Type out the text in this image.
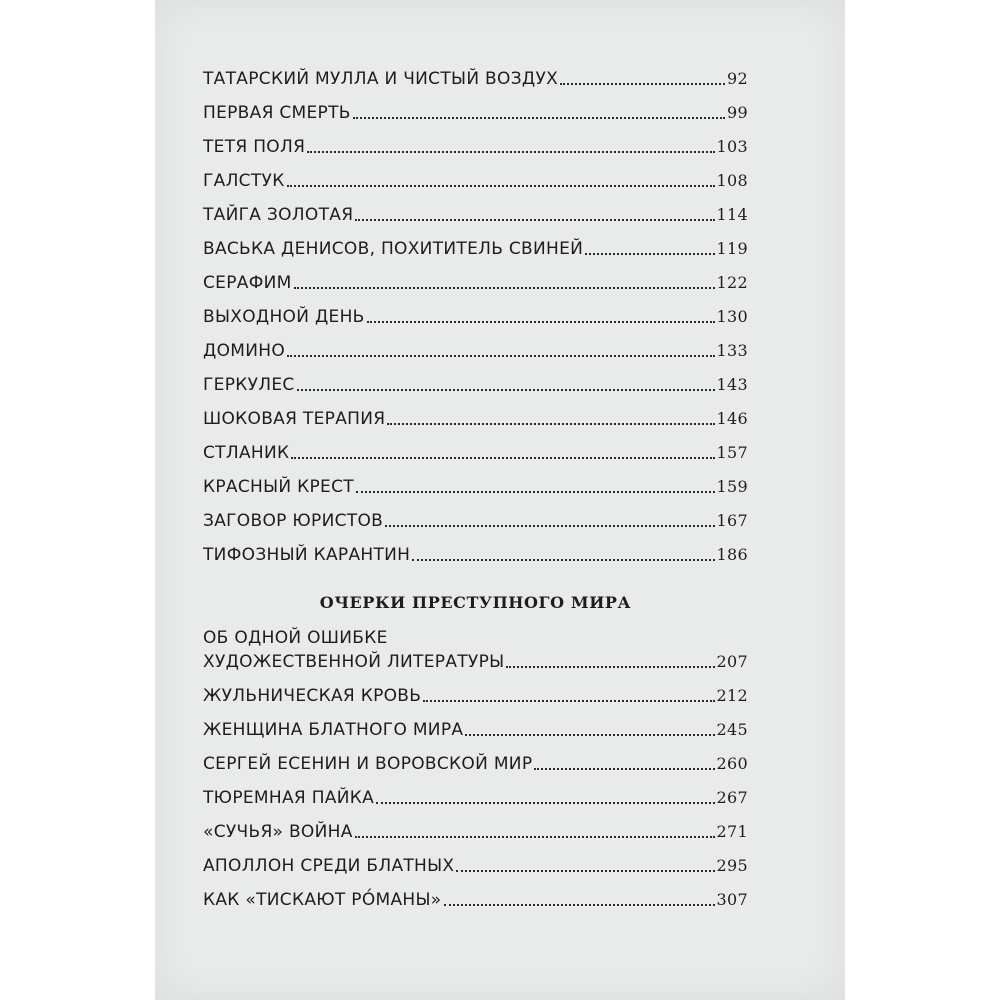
ТАТАРСКИЙ МУЛЛА И ЧИСТЫЙ ВОЗДУХ	92
ПЕРВАЯ СМЕРТЬ	99
ТЕТЯ ПОЛЯ	103
ГАЛСТУК	108
ТАЙГА ЗОЛОТАЯ	114
ВАСЬКА ДЕНИСОВ, ПОХИТИТЕЛЬ СВИНЕЙ	119
СЕРАФИМ	122
ВЫХОДНОЙ ДЕНЬ	130
ДОМИНО	133
ГЕРКУЛЕС	143
ШОКОВАЯ ТЕРАПИЯ	146
СТЛАНИК	157
КРАСНЫЙ КРЕСТ	159
ЗАГОВОР ЮРИСТОВ	167
ТИФОЗНЫЙ КАРАНТИН	186
ОЧЕРКИ ПРЕСТУПНОГО МИРА
ОБ ОДНОЙ ОШИБКЕ
ХУДОЖЕСТВЕННОЙ ЛИТЕРАТУРЫ	207
ЖУЛЬНИЧЕСКАЯ КРОВЬ	212
ЖЕНЩИНА БЛАТНОГО МИРА	245
СЕРГЕЙ ЕСЕНИН И ВОРОВСКОЙ МИР	260
ТЮРЕМНАЯ ПАЙКА	267
«СУЧЬЯ» ВОЙНА	271
АПОЛЛОН СРЕДИ БЛАТНЫХ	295
КАК «ТИСКАЮТ РО́МАНЫ»	307
